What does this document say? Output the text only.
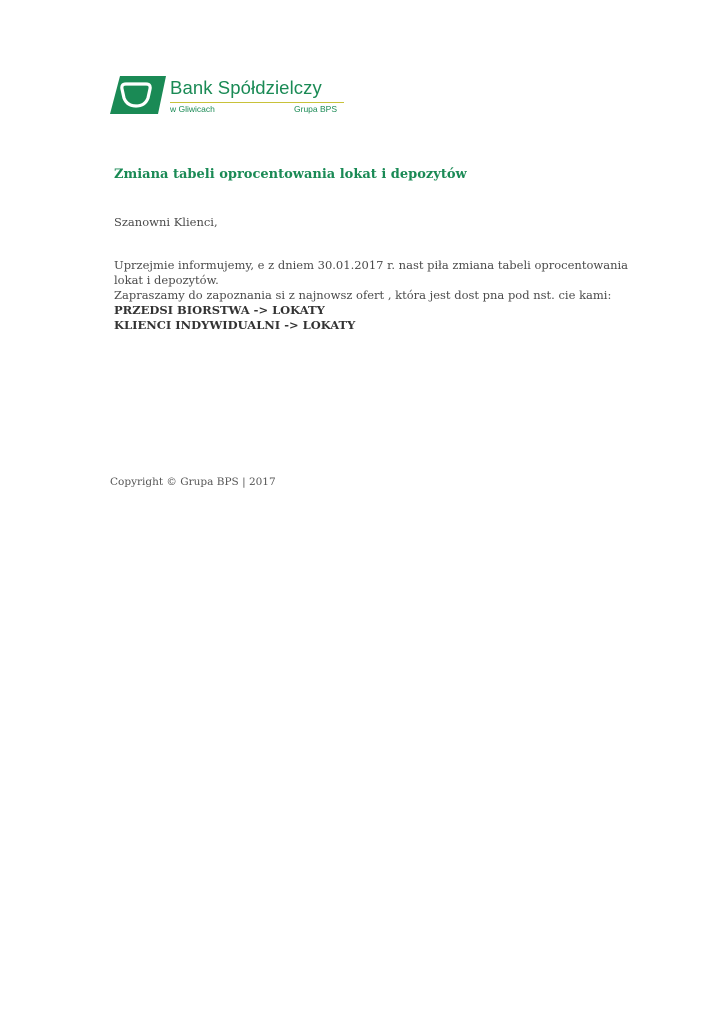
Bank Spółdzielczy
w Gliwicach	Grupa BPS
Zmiana tabeli oprocentowania lokat i depozytów
Szanowni Klienci,
Uprzejmie informujemy, e z dniem 30.01.2017 r. nast piła zmiana tabeli oprocentowania
lokat i depozytów.
Zapraszamy do zapoznania si z najnowsz ofert , która jest dost pna pod nst. cie kami:
PRZEDSI BIORSTWA -> LOKATY
KLIENCI INDYWIDUALNI -> LOKATY
Copyright © Grupa BPS | 2017
